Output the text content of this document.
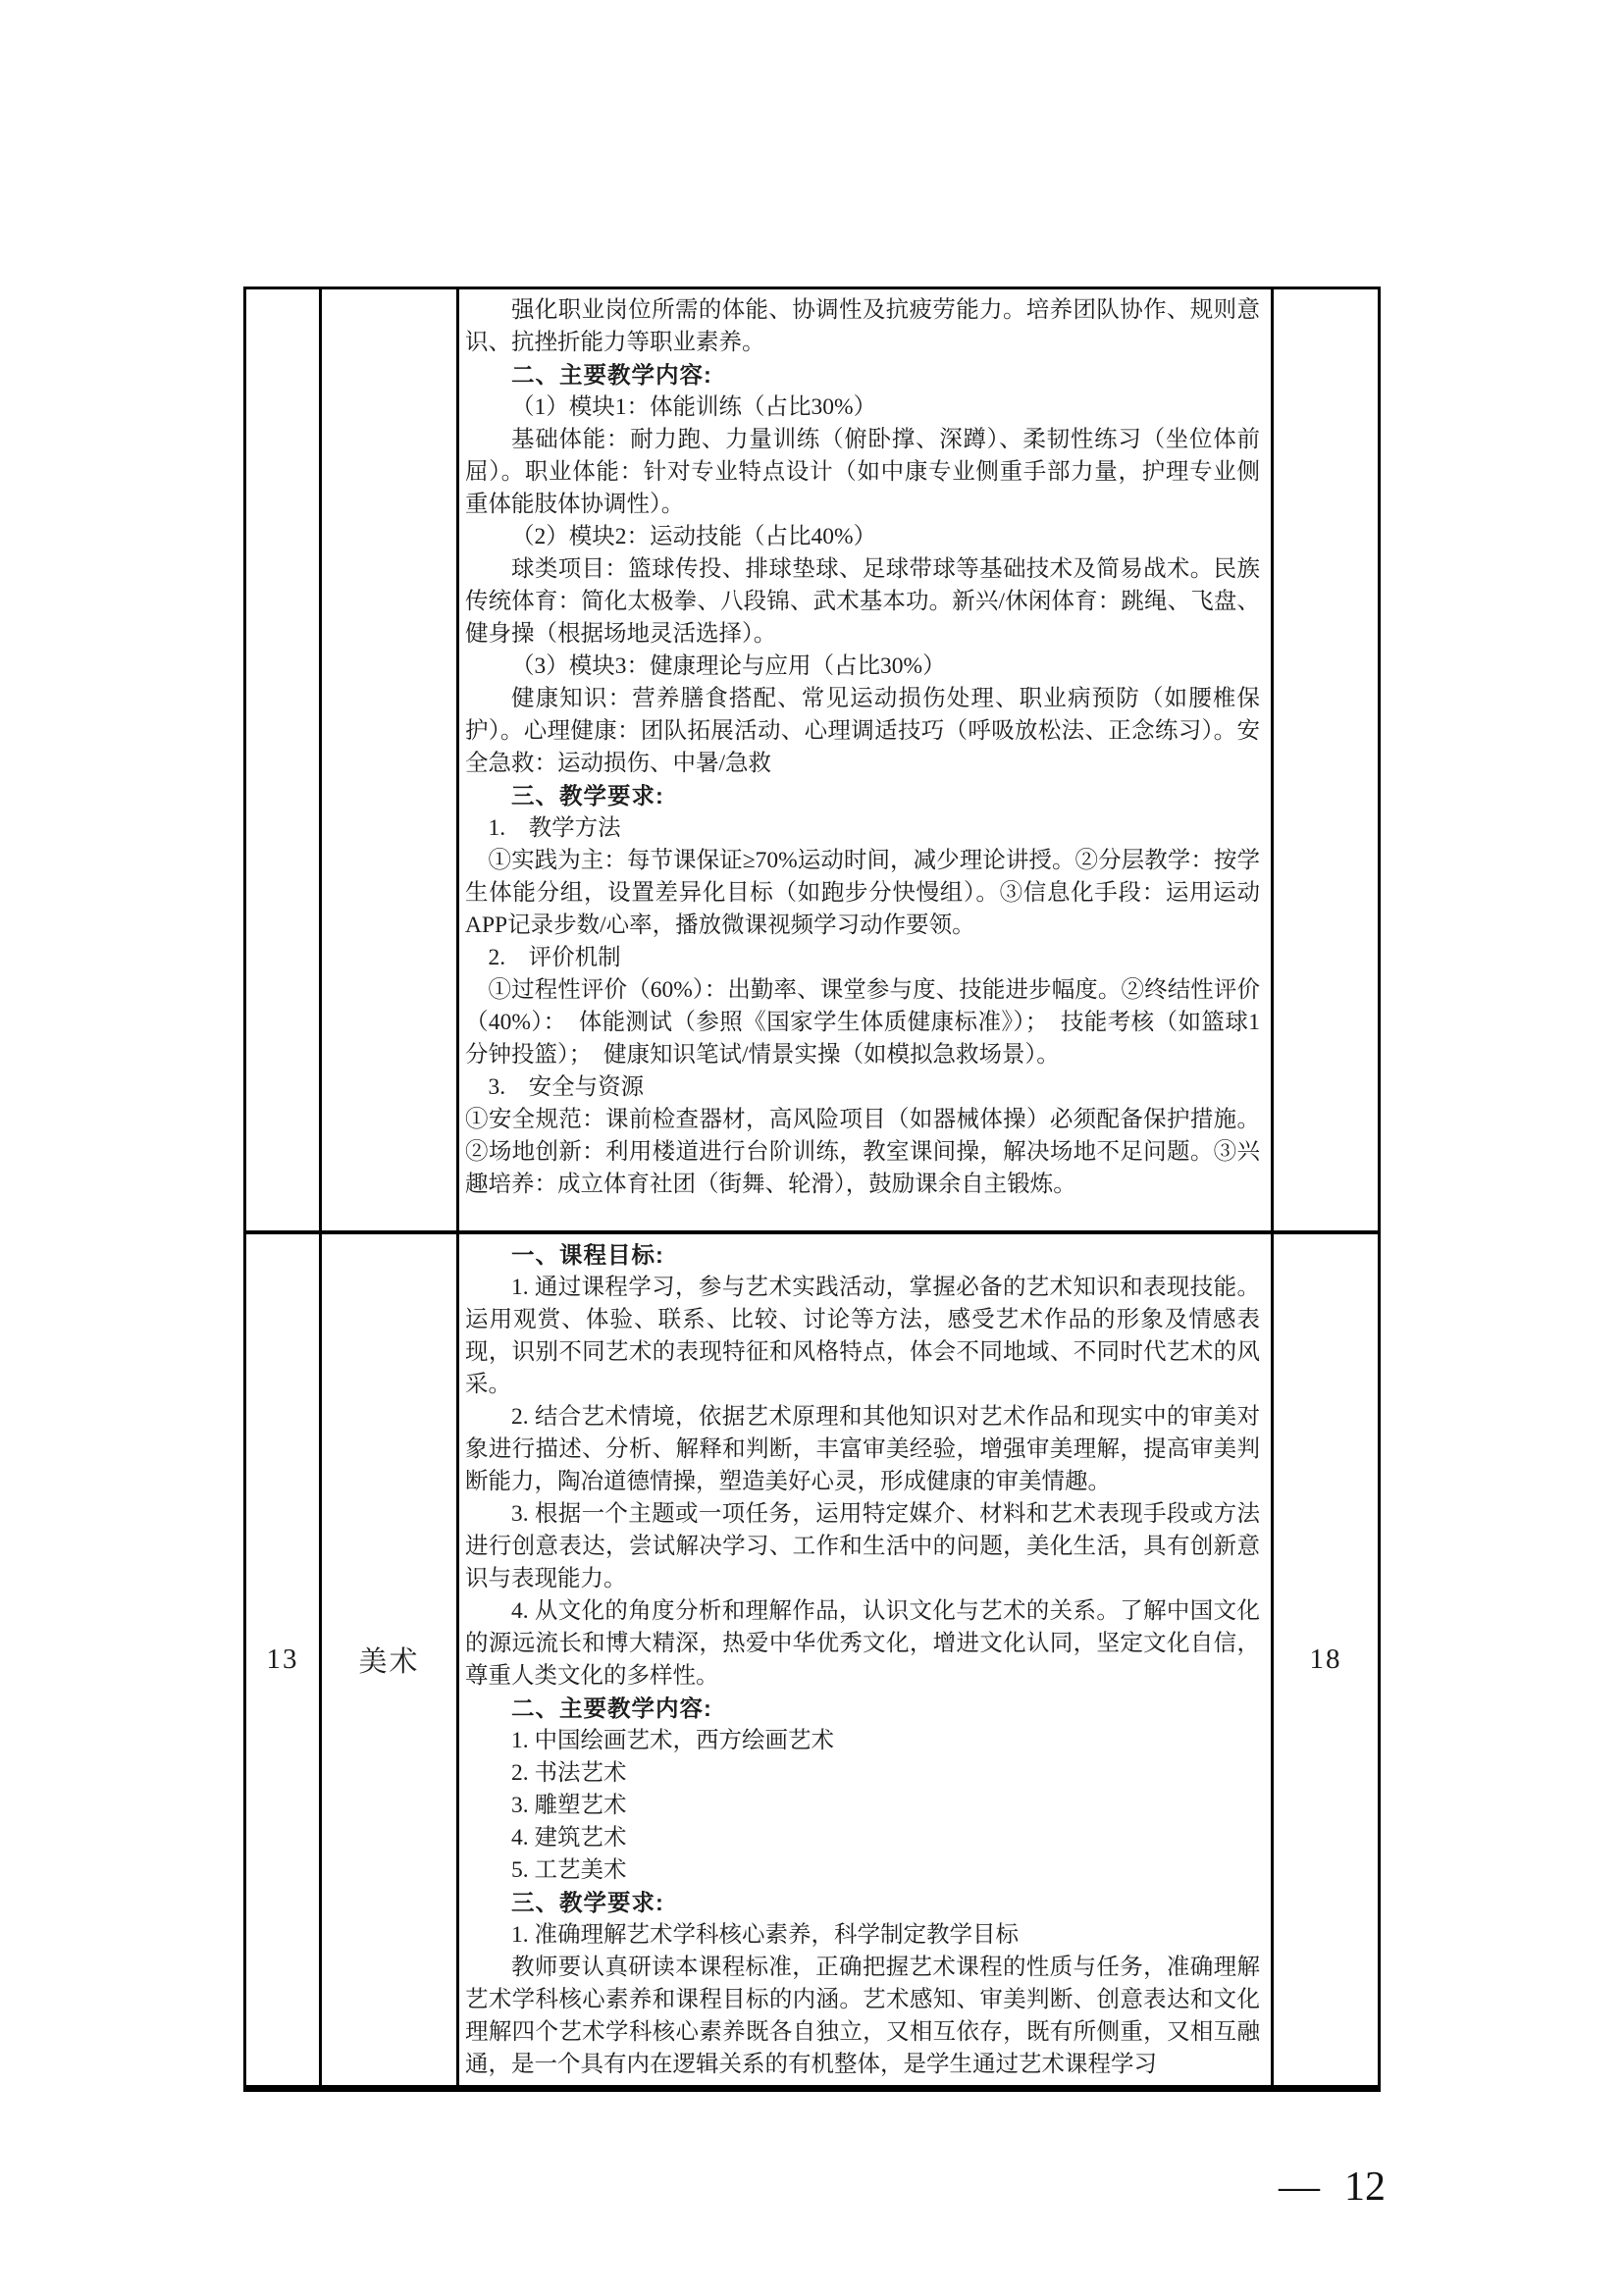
强化职业岗位所需的体能、协调性及抗疲劳能力。培养团队协作、规则意识、抗挫折能力等职业素养。

二、主要教学内容:

（1）模块1：体能训练（占比30%）

基础体能：耐力跑、力量训练（俯卧撑、深蹲）、柔韧性练习（坐位体前屈）。职业体能：针对专业特点设计（如中康专业侧重手部力量，护理专业侧重体能肢体协调性）。

（2）模块2：运动技能（占比40%）

球类项目：篮球传投、排球垫球、足球带球等基础技术及简易战术。民族传统体育：简化太极拳、八段锦、武术基本功。新兴/休闲体育：跳绳、飞盘、健身操（根据场地灵活选择）。

（3）模块3：健康理论与应用（占比30%）

健康知识：营养膳食搭配、常见运动损伤处理、职业病预防（如腰椎保护）。心理健康：团队拓展活动、心理调适技巧（呼吸放松法、正念练习）。安全急救：运动损伤、中暑/急救

三、教学要求:

1.　教学方法

①实践为主：每节课保证≥70%运动时间，减少理论讲授。②分层教学：按学生体能分组，设置差异化目标（如跑步分快慢组）。③信息化手段：运用运动APP记录步数/心率，播放微课视频学习动作要领。

2.　评价机制

①过程性评价（60%）：出勤率、课堂参与度、技能进步幅度。②终结性评价（40%）：　体能测试（参照《国家学生体质健康标准》）；　技能考核（如篮球1分钟投篮）；　健康知识笔试/情景实操（如模拟急救场景）。

3.　安全与资源

①安全规范：课前检查器材，高风险项目（如器械体操）必须配备保护措施。②场地创新：利用楼道进行台阶训练，教室课间操，解决场地不足问题。③兴趣培养：成立体育社团（街舞、轮滑），鼓励课余自主锻炼。

13	美术

一、课程目标:

1. 通过课程学习，参与艺术实践活动，掌握必备的艺术知识和表现技能。运用观赏、体验、联系、比较、讨论等方法，感受艺术作品的形象及情感表现，识别不同艺术的表现特征和风格特点，体会不同地域、不同时代艺术的风采。

2. 结合艺术情境，依据艺术原理和其他知识对艺术作品和现实中的审美对象进行描述、分析、解释和判断，丰富审美经验，增强审美理解，提高审美判断能力，陶冶道德情操，塑造美好心灵，形成健康的审美情趣。

3. 根据一个主题或一项任务，运用特定媒介、材料和艺术表现手段或方法进行创意表达，尝试解决学习、工作和生活中的问题，美化生活，具有创新意识与表现能力。

4. 从文化的角度分析和理解作品，认识文化与艺术的关系。了解中国文化的源远流长和博大精深，热爱中华优秀文化，增进文化认同，坚定文化自信，尊重人类文化的多样性。

二、主要教学内容:

1. 中国绘画艺术，西方绘画艺术

2. 书法艺术

3. 雕塑艺术

4. 建筑艺术

5. 工艺美术

三、教学要求:

1. 准确理解艺术学科核心素养，科学制定教学目标

教师要认真研读本课程标准，正确把握艺术课程的性质与任务，准确理解艺术学科核心素养和课程目标的内涵。艺术感知、审美判断、创意表达和文化理解四个艺术学科核心素养既各自独立，又相互依存，既有所侧重，又相互融通，是一个具有内在逻辑关系的有机整体，是学生通过艺术课程学习

18
— 12
